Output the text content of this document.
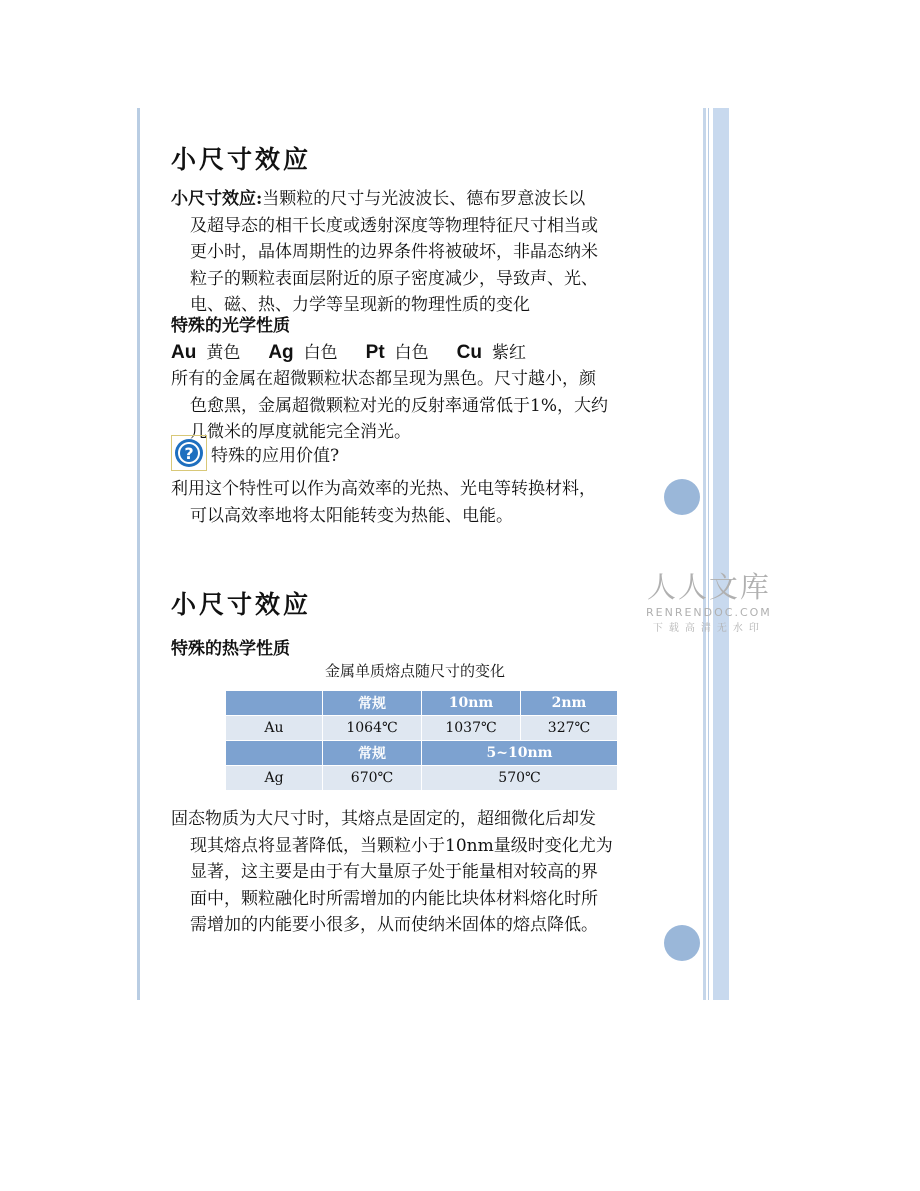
小尺寸效应
小尺寸效应:当颗粒的尺寸与光波波长、德布罗意波长以
及超导态的相干长度或透射深度等物理特征尺寸相当或
更小时，晶体周期性的边界条件将被破坏，非晶态纳米
粒子的颗粒表面层附近的原子密度减少，导致声、光、
电、磁、热、力学等呈现新的物理性质的变化
特殊的光学性质
Au 黄色 Ag 白色 Pt 白色 Cu 紫红
所有的金属在超微颗粒状态都呈现为黑色。尺寸越小，颜
色愈黑，金属超微颗粒对光的反射率通常低于1%，大约
几微米的厚度就能完全消光。
? 特殊的应用价值?
利用这个特性可以作为高效率的光热、光电等转换材料，
可以高效率地将太阳能转变为热能、电能。
小尺寸效应
特殊的热学性质
金属单质熔点随尺寸的变化
	常规	10nm	2nm
Au	1064℃	1037℃	327℃
	常规	5~10nm	
Ag	670℃	570℃	
固态物质为大尺寸时，其熔点是固定的，超细微化后却发
现其熔点将显著降低，当颗粒小于10nm量级时变化尤为
显著，这主要是由于有大量原子处于能量相对较高的界
面中，颗粒融化时所需增加的内能比块体材料熔化时所
需增加的内能要小很多，从而使纳米固体的熔点降低。
人人文库
RENRENDOC.COM
下载高清无水印
